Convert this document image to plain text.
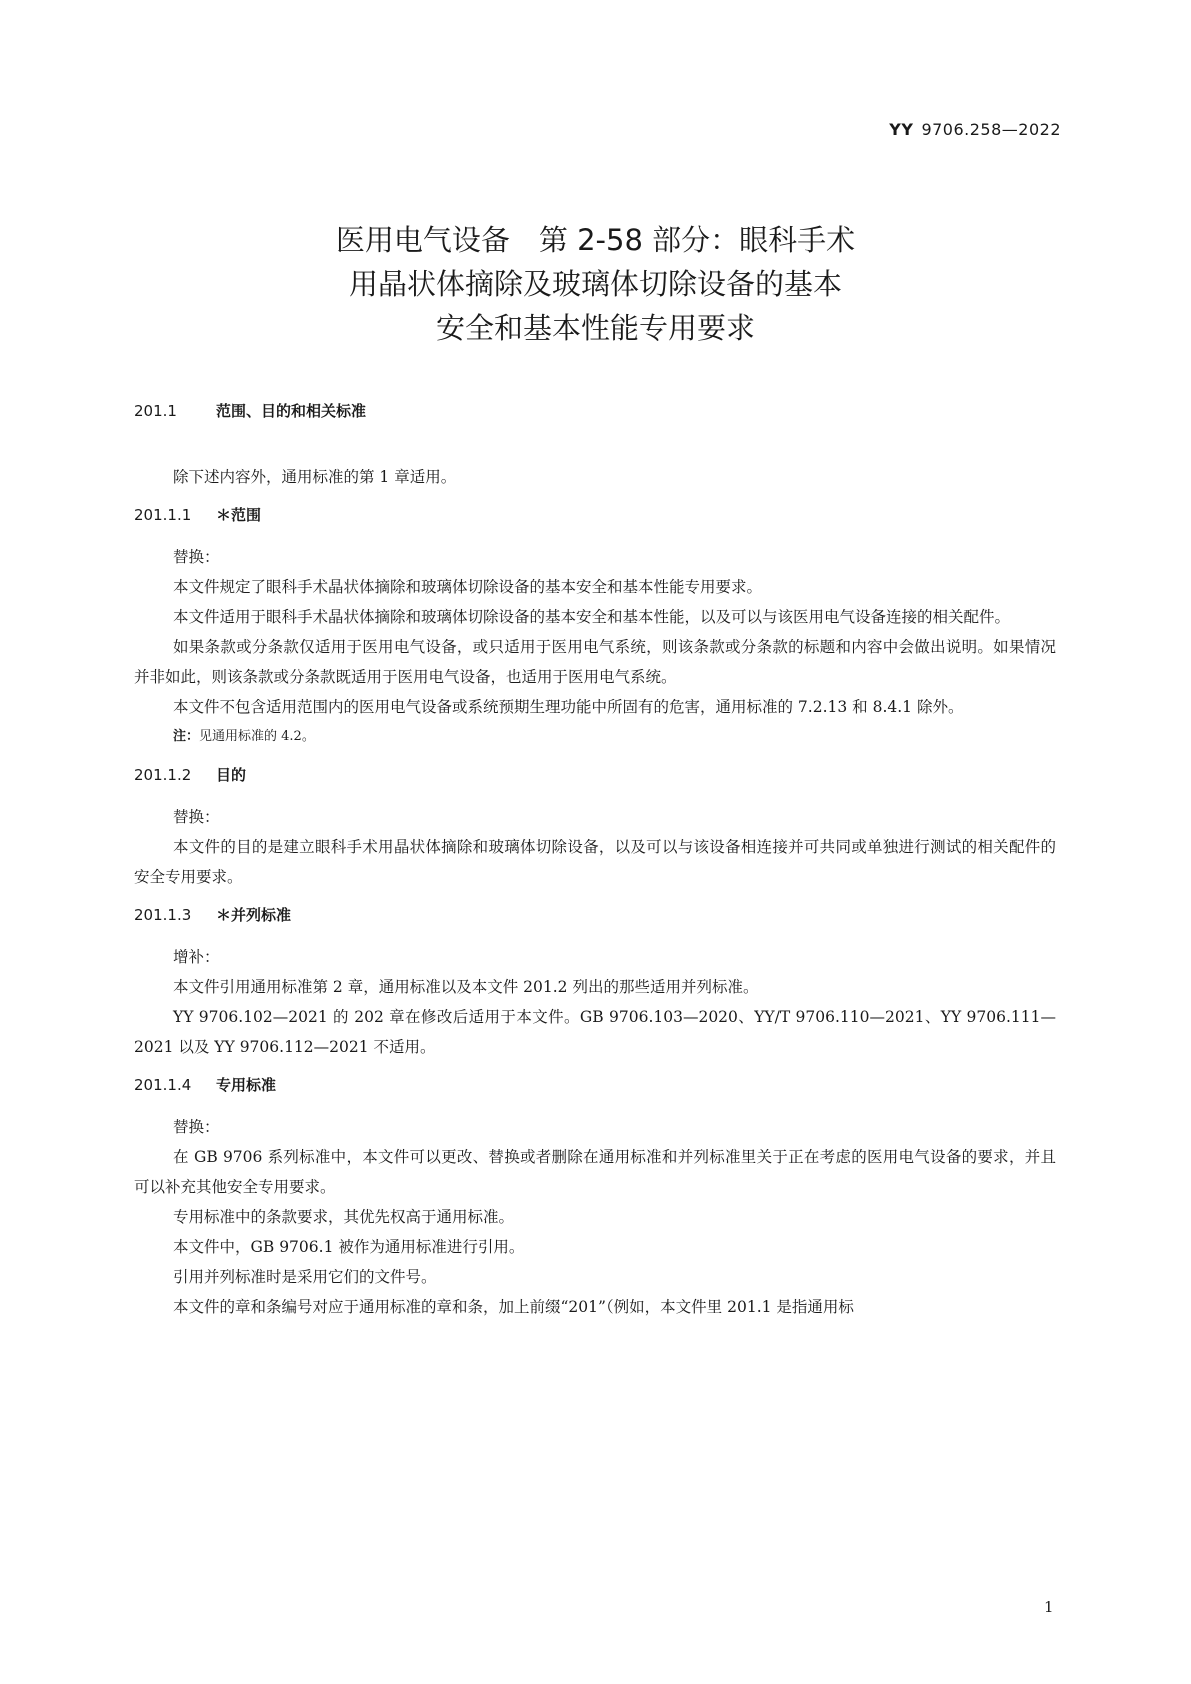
YY 9706.258—2022
医用电气设备　第 2-58 部分：眼科手术
用晶状体摘除及玻璃体切除设备的基本
安全和基本性能专用要求
201.1	范围、目的和相关标准

除下述内容外，通用标准的第 1 章适用。

201.1.1 ＊范围

替换：

本文件规定了眼科手术晶状体摘除和玻璃体切除设备的基本安全和基本性能专用要求。

本文件适用于眼科手术晶状体摘除和玻璃体切除设备的基本安全和基本性能，以及可以与该医用电气设备连接的相关配件。

如果条款或分条款仅适用于医用电气设备，或只适用于医用电气系统，则该条款或分条款的标题和内容中会做出说明。如果情况并非如此，则该条款或分条款既适用于医用电气设备，也适用于医用电气系统。

本文件不包含适用范围内的医用电气设备或系统预期生理功能中所固有的危害，通用标准的 7.2.13 和 8.4.1 除外。

注：见通用标准的 4.2。

201.1.2 目的

替换：

本文件的目的是建立眼科手术用晶状体摘除和玻璃体切除设备，以及可以与该设备相连接并可共同或单独进行测试的相关配件的安全专用要求。

201.1.3 ＊并列标准

增补：

本文件引用通用标准第 2 章，通用标准以及本文件 201.2 列出的那些适用并列标准。

YY 9706.102—2021 的 202 章在修改后适用于本文件。GB 9706.103—2020、YY/T 9706.110—2021、YY 9706.111—2021 以及 YY 9706.112—2021 不适用。

201.1.4 专用标准

替换：

在 GB 9706 系列标准中，本文件可以更改、替换或者删除在通用标准和并列标准里关于正在考虑的医用电气设备的要求，并且可以补充其他安全专用要求。

专用标准中的条款要求，其优先权高于通用标准。

本文件中，GB 9706.1 被作为通用标准进行引用。

引用并列标准时是采用它们的文件号。

本文件的章和条编号对应于通用标准的章和条，加上前缀“201”（例如，本文件里 201.1 是指通用标

1
